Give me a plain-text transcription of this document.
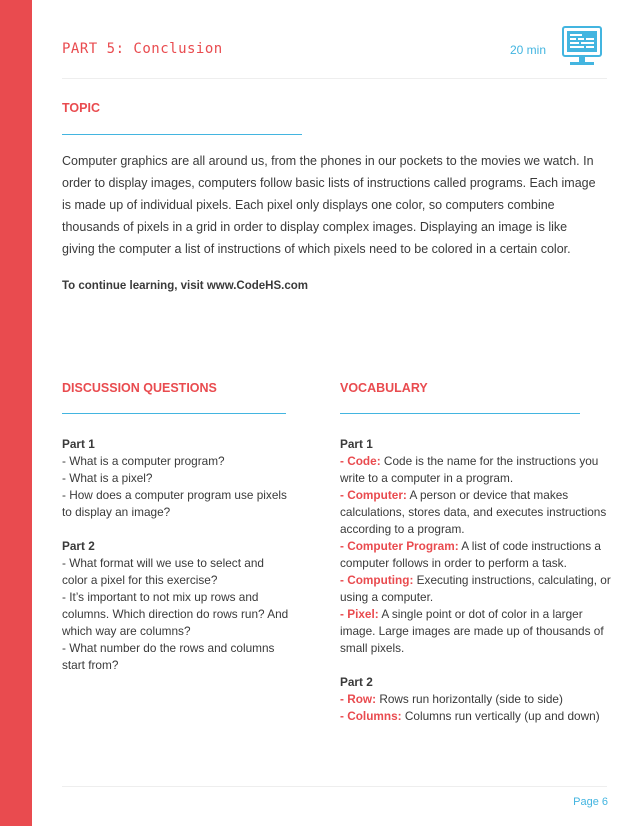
PART 5: Conclusion	20 min
TOPIC

Computer graphics are all around us, from the phones in our pockets to the movies we watch. In order to display images, computers follow basic lists of instructions called programs. Each image is made up of individual pixels. Each pixel only displays one color, so computers combine thousands of pixels in a grid in order to display complex images. Displaying an image is like giving the computer a list of instructions of which pixels need to be colored in a certain color.

To continue learning, visit www.CodeHS.com

DISCUSSION QUESTIONS	VOCABULARY
Part 1
- What is a computer program?
- What is a pixel?
- How does a computer program use pixels to display an image?
Part 2
- What format will we use to select and color a pixel for this exercise?
- It’s important to not mix up rows and columns. Which direction do rows run? And which way are columns?
- What number do the rows and columns start from?
Part 1
- Code: Code is the name for the instructions you write to a computer in a program.
- Computer: A person or device that makes calculations, stores data, and executes instructions according to a program.
- Computer Program: A list of code instructions a computer follows in order to perform a task.
- Computing: Executing instructions, calculating, or using a computer.
- Pixel: A single point or dot of color in a larger image. Large images are made up of thousands of small pixels.
Part 2
- Row: Rows run horizontally (side to side)
- Columns: Columns run vertically (up and down)
Page 6
